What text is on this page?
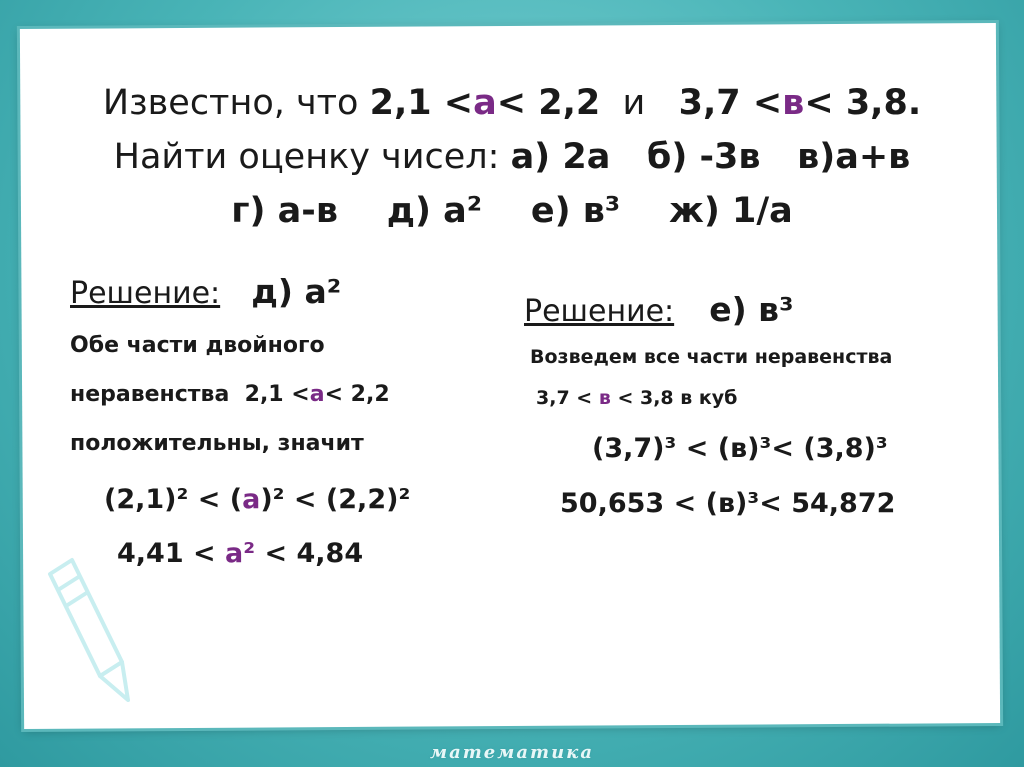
Известно, что 2,1 <а< 2,2  и   3,7 <в< 3,8.
Найти оценку чисел: а) 2а   б) -3в   в)а+в
г) а-в    д) а²    е) в³    ж) 1/а
Решение: д) а²
Обе части двойного
неравенства  2,1 <а< 2,2
положительны, значит
(2,1)² < (а)² < (2,2)²
4,41 < а² < 4,84
Решение: е) в³
Возведем все части неравенства
3,7 < в < 3,8 в куб
(3,7)³ < (в)³< (3,8)³
50,653 < (в)³< 54,872
математика
